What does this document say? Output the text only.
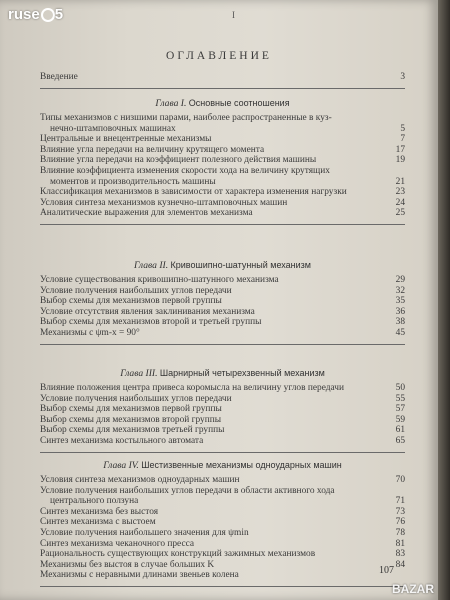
I
ОГЛАВЛЕНИЕ
Введение	3
Глава I. Основные соотношения
Типы механизмов с низшими парами, наиболее распространенные в куз-
нечно-штамповочных машинах	5
Центральные и внецентренные механизмы	7
Влияние угла передачи на величину крутящего момента	17
Влияние угла передачи на коэффициент полезного действия машины	19
Влияние коэффициента изменения скорости хода на величину крутящих
моментов и производительность машины	21
Классификация механизмов в зависимости от характера изменения нагрузки	23
Условия синтеза механизмов кузнечно-штамповочных машин	24
Аналитические выражения для элементов механизма	25
Глава II. Кривошипно-шатунный механизм
Условие существования кривошипно-шатунного механизма	29
Условие получения наибольших углов передачи	32
Выбор схемы для механизмов первой группы	35
Условие отсутствия явления заклинивания механизма	36
Выбор схемы для механизмов второй и третьей группы	38
Механизмы с ψm-x = 90°	45
Глава III. Шарнирный четырехзвенный механизм
Влияние положения центра привеса коромысла на величину углов передачи	50
Условие получения наибольших углов передачи	55
Выбор схемы для механизмов первой группы	57
Выбор схемы для механизмов второй группы	59
Выбор схемы для механизмов третьей группы	61
Синтез механизма костыльного автомата	65
Глава IV. Шестизвенные механизмы одноударных машин
Условия синтеза механизмов одноударных машин	70
Условие получения наибольших углов передачи в области активного хода
центрального ползуна	71
Синтез механизма без выстоя	73
Синтез механизма с выстоем	76
Условие получения наибольшего значения для ψmin	78
Синтез механизма чеканочного пресса	81
Рациональность существующих конструкций зажимных механизмов	83
Механизмы без выстоя в случае больших K	84
Механизмы с неравными длинами звеньев колена	107
ruse 5
BAZAR
